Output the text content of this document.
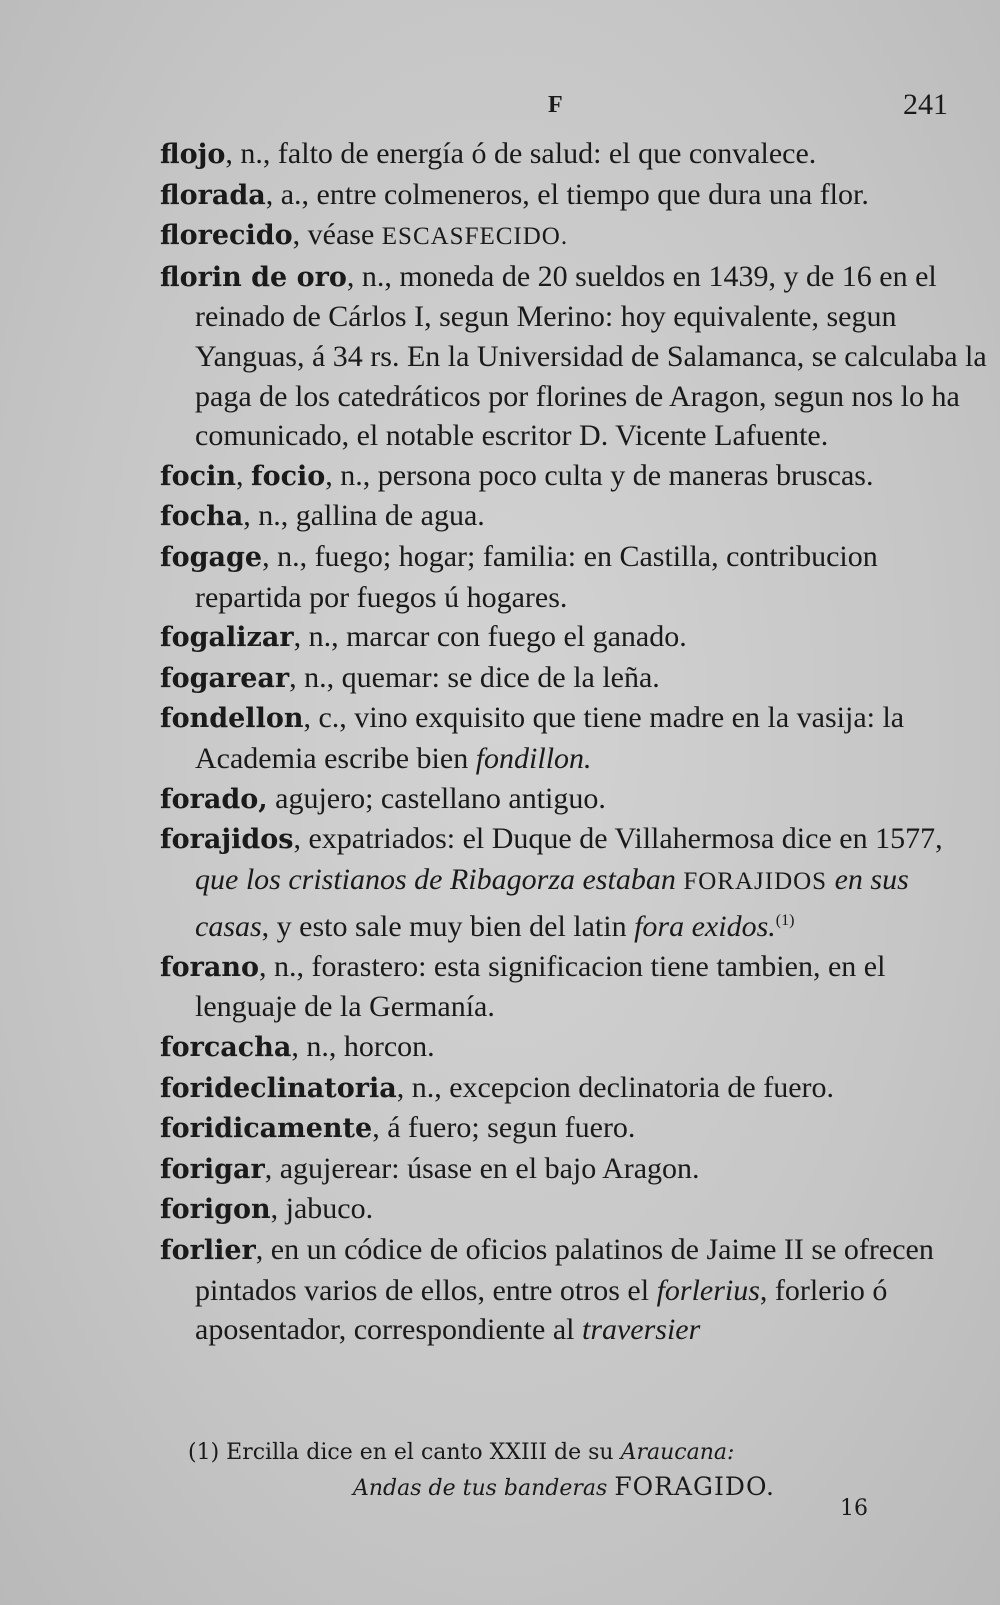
F	241

flojo, n., falto de energía ó de salud: el que convalece.

florada, a., entre colmeneros, el tiempo que dura una flor.

florecido, véase ESCASFECIDO.

florin de oro, n., moneda de 20 sueldos en 1439, y de 16 en el reinado de Cárlos I, segun Merino: hoy equivalente, segun Yanguas, á 34 rs. En la Universidad de Salamanca, se calculaba la paga de los catedráticos por florines de Aragon, segun nos lo ha comunicado, el notable escritor D. Vicente Lafuente.

focin, focio, n., persona poco culta y de maneras bruscas.

focha, n., gallina de agua.

fogage, n., fuego; hogar; familia: en Castilla, contribucion repartida por fuegos ú hogares.

fogalizar, n., marcar con fuego el ganado.

fogarear, n., quemar: se dice de la leña.

fondellon, c., vino exquisito que tiene madre en la vasija: la Academia escribe bien fondillon.

forado, agujero; castellano antiguo.

forajidos, expatriados: el Duque de Villahermosa dice en 1577, que los cristianos de Ribagorza estaban FORAJIDOS en sus casas, y esto sale muy bien del latin fora exidos.$^{(1)}$

forano, n., forastero: esta significacion tiene tambien, en el lenguaje de la Germanía.

forcacha, n., horcon.

forideclinatoria, n., excepcion declinatoria de fuero.

foridicamente, á fuero; segun fuero.

forigar, agujerear: úsase en el bajo Aragon.

forigon, jabuco.

forlier, en un códice de oficios palatinos de Jaime II se ofrecen pintados varios de ellos, entre otros el forlerius, forlerio ó aposentador, correspondiente al traversier

(1) Ercilla dice en el canto XXIII de su Araucana:
Andas de tus banderas FORAGIDO.
16
